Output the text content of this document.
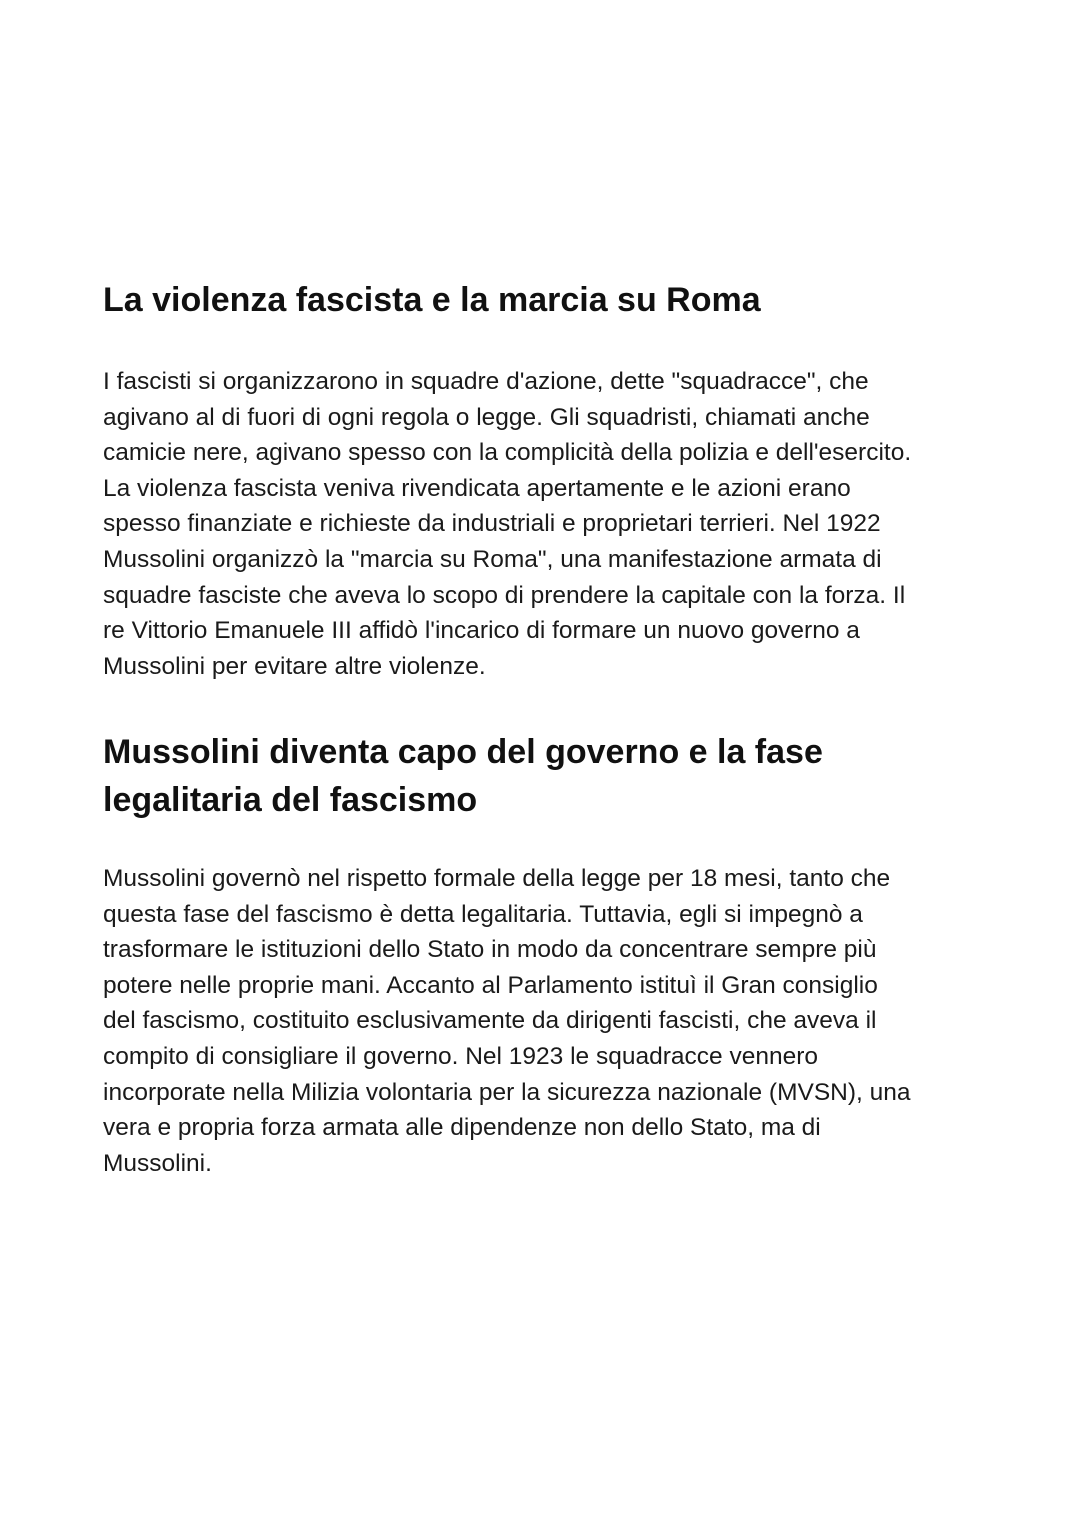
La violenza fascista e la marcia su Roma

I fascisti si organizzarono in squadre d'azione, dette "squadracce", che
agivano al di fuori di ogni regola o legge. Gli squadristi, chiamati anche
camicie nere, agivano spesso con la complicità della polizia e dell'esercito.
La violenza fascista veniva rivendicata apertamente e le azioni erano
spesso finanziate e richieste da industriali e proprietari terrieri. Nel 1922
Mussolini organizzò la "marcia su Roma", una manifestazione armata di
squadre fasciste che aveva lo scopo di prendere la capitale con la forza. Il
re Vittorio Emanuele III affidò l'incarico di formare un nuovo governo a
Mussolini per evitare altre violenze.

Mussolini diventa capo del governo e la fase
legalitaria del fascismo

Mussolini governò nel rispetto formale della legge per 18 mesi, tanto che
questa fase del fascismo è detta legalitaria. Tuttavia, egli si impegnò a
trasformare le istituzioni dello Stato in modo da concentrare sempre più
potere nelle proprie mani. Accanto al Parlamento istituì il Gran consiglio
del fascismo, costituito esclusivamente da dirigenti fascisti, che aveva il
compito di consigliare il governo. Nel 1923 le squadracce vennero
incorporate nella Milizia volontaria per la sicurezza nazionale (MVSN), una
vera e propria forza armata alle dipendenze non dello Stato, ma di
Mussolini.
